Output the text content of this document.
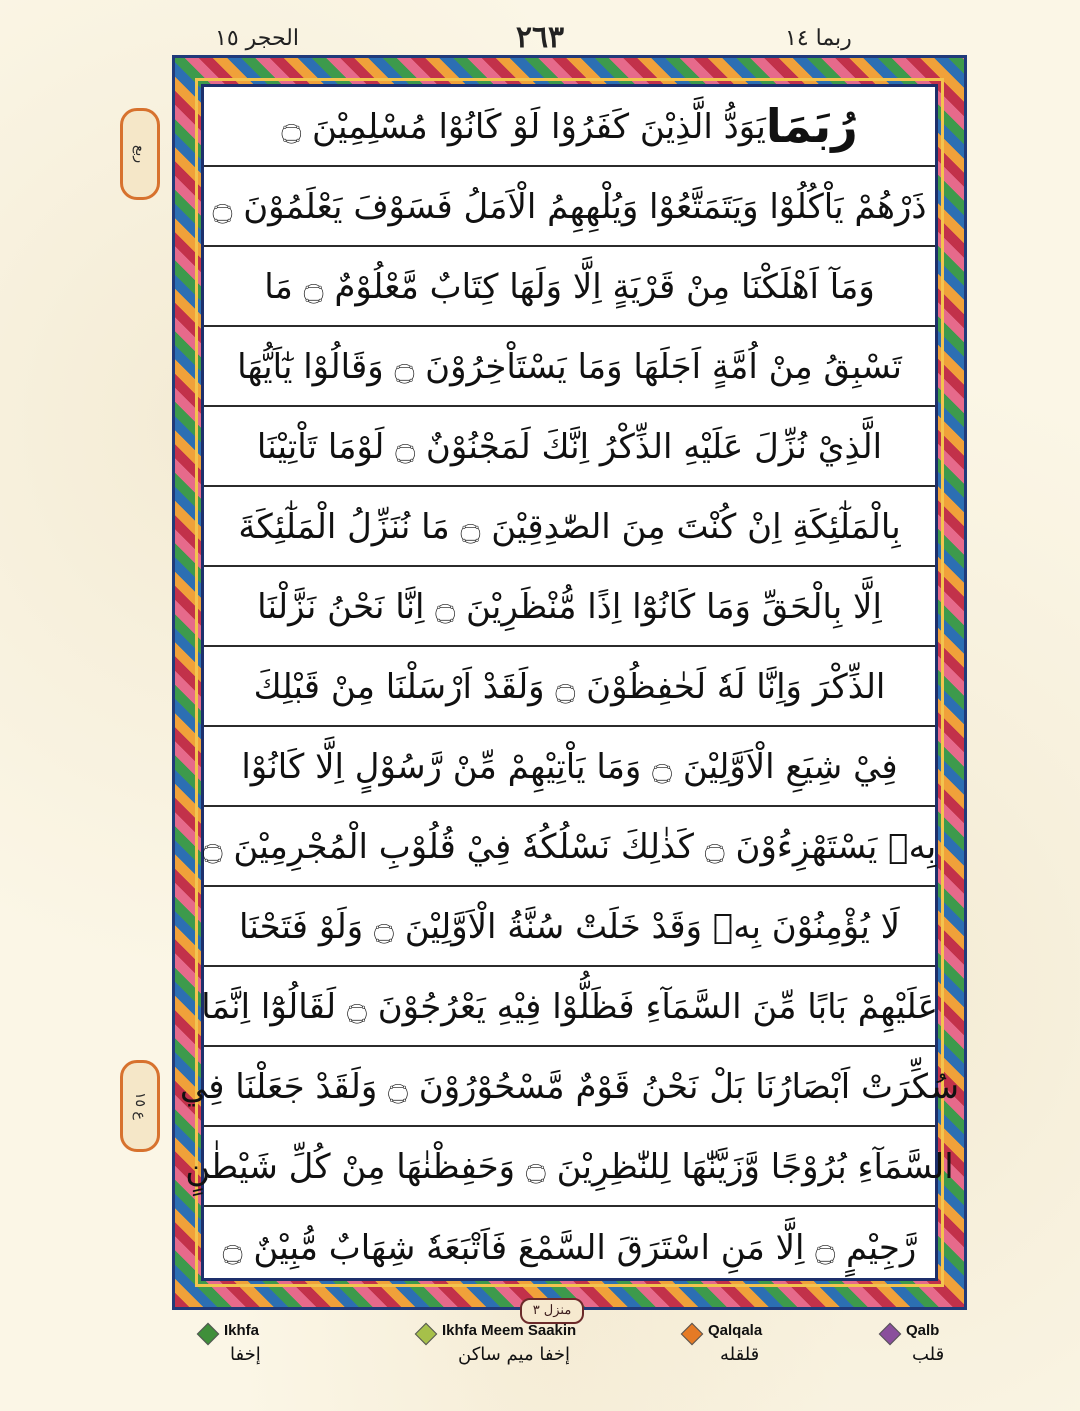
الحجر ١٥	٢٦٣	ربما ١٤
ربع
ع ١٥
رُبَمَا
يَوَدُّ الَّذِيْنَ كَفَرُوْا لَوْ كَانُوْا مُسْلِمِيْنَ ۝
ذَرْهُمْ يَاْكُلُوْا وَيَتَمَتَّعُوْا وَيُلْهِهِمُ الْاَمَلُ فَسَوْفَ يَعْلَمُوْنَ ۝
وَمَآ اَهْلَكْنَا مِنْ قَرْيَةٍ اِلَّا وَلَهَا كِتَابٌ مَّعْلُوْمٌ ۝ مَا
تَسْبِقُ مِنْ اُمَّةٍ اَجَلَهَا وَمَا يَسْتَاْخِرُوْنَ ۝ وَقَالُوْا يٰٓاَيُّهَا
الَّذِيْ نُزِّلَ عَلَيْهِ الذِّكْرُ اِنَّكَ لَمَجْنُوْنٌ ۝ لَوْمَا تَاْتِيْنَا
بِالْمَلٰٓئِكَةِ اِنْ كُنْتَ مِنَ الصّٰدِقِيْنَ ۝ مَا نُنَزِّلُ الْمَلٰٓئِكَةَ
اِلَّا بِالْحَقِّ وَمَا كَانُوْٓا اِذًا مُّنْظَرِيْنَ ۝ اِنَّا نَحْنُ نَزَّلْنَا
الذِّكْرَ وَاِنَّا لَهٗ لَحٰفِظُوْنَ ۝ وَلَقَدْ اَرْسَلْنَا مِنْ قَبْلِكَ
فِيْ شِيَعِ الْاَوَّلِيْنَ ۝ وَمَا يَاْتِيْهِمْ مِّنْ رَّسُوْلٍ اِلَّا كَانُوْا
بِهٖ يَسْتَهْزِءُوْنَ ۝ كَذٰلِكَ نَسْلُكُهٗ فِيْ قُلُوْبِ الْمُجْرِمِيْنَ ۝
لَا يُؤْمِنُوْنَ بِهٖ وَقَدْ خَلَتْ سُنَّةُ الْاَوَّلِيْنَ ۝ وَلَوْ فَتَحْنَا
عَلَيْهِمْ بَابًا مِّنَ السَّمَآءِ فَظَلُّوْا فِيْهِ يَعْرُجُوْنَ ۝ لَقَالُوْٓا اِنَّمَا
سُكِّرَتْ اَبْصَارُنَا بَلْ نَحْنُ قَوْمٌ مَّسْحُوْرُوْنَ ۝ وَلَقَدْ جَعَلْنَا فِي
السَّمَآءِ بُرُوْجًا وَّزَيَّنّٰهَا لِلنّٰظِرِيْنَ ۝ وَحَفِظْنٰهَا مِنْ كُلِّ شَيْطٰنٍ
رَّجِيْمٍ ۝ اِلَّا مَنِ اسْتَرَقَ السَّمْعَ فَاَتْبَعَهٗ شِهَابٌ مُّبِيْنٌ ۝
منزل ٣
Ikhfa
إخفا
Ikhfa Meem Saakin
إخفا میم ساکن
Qalqala
قلقله
Qalb
قلب
